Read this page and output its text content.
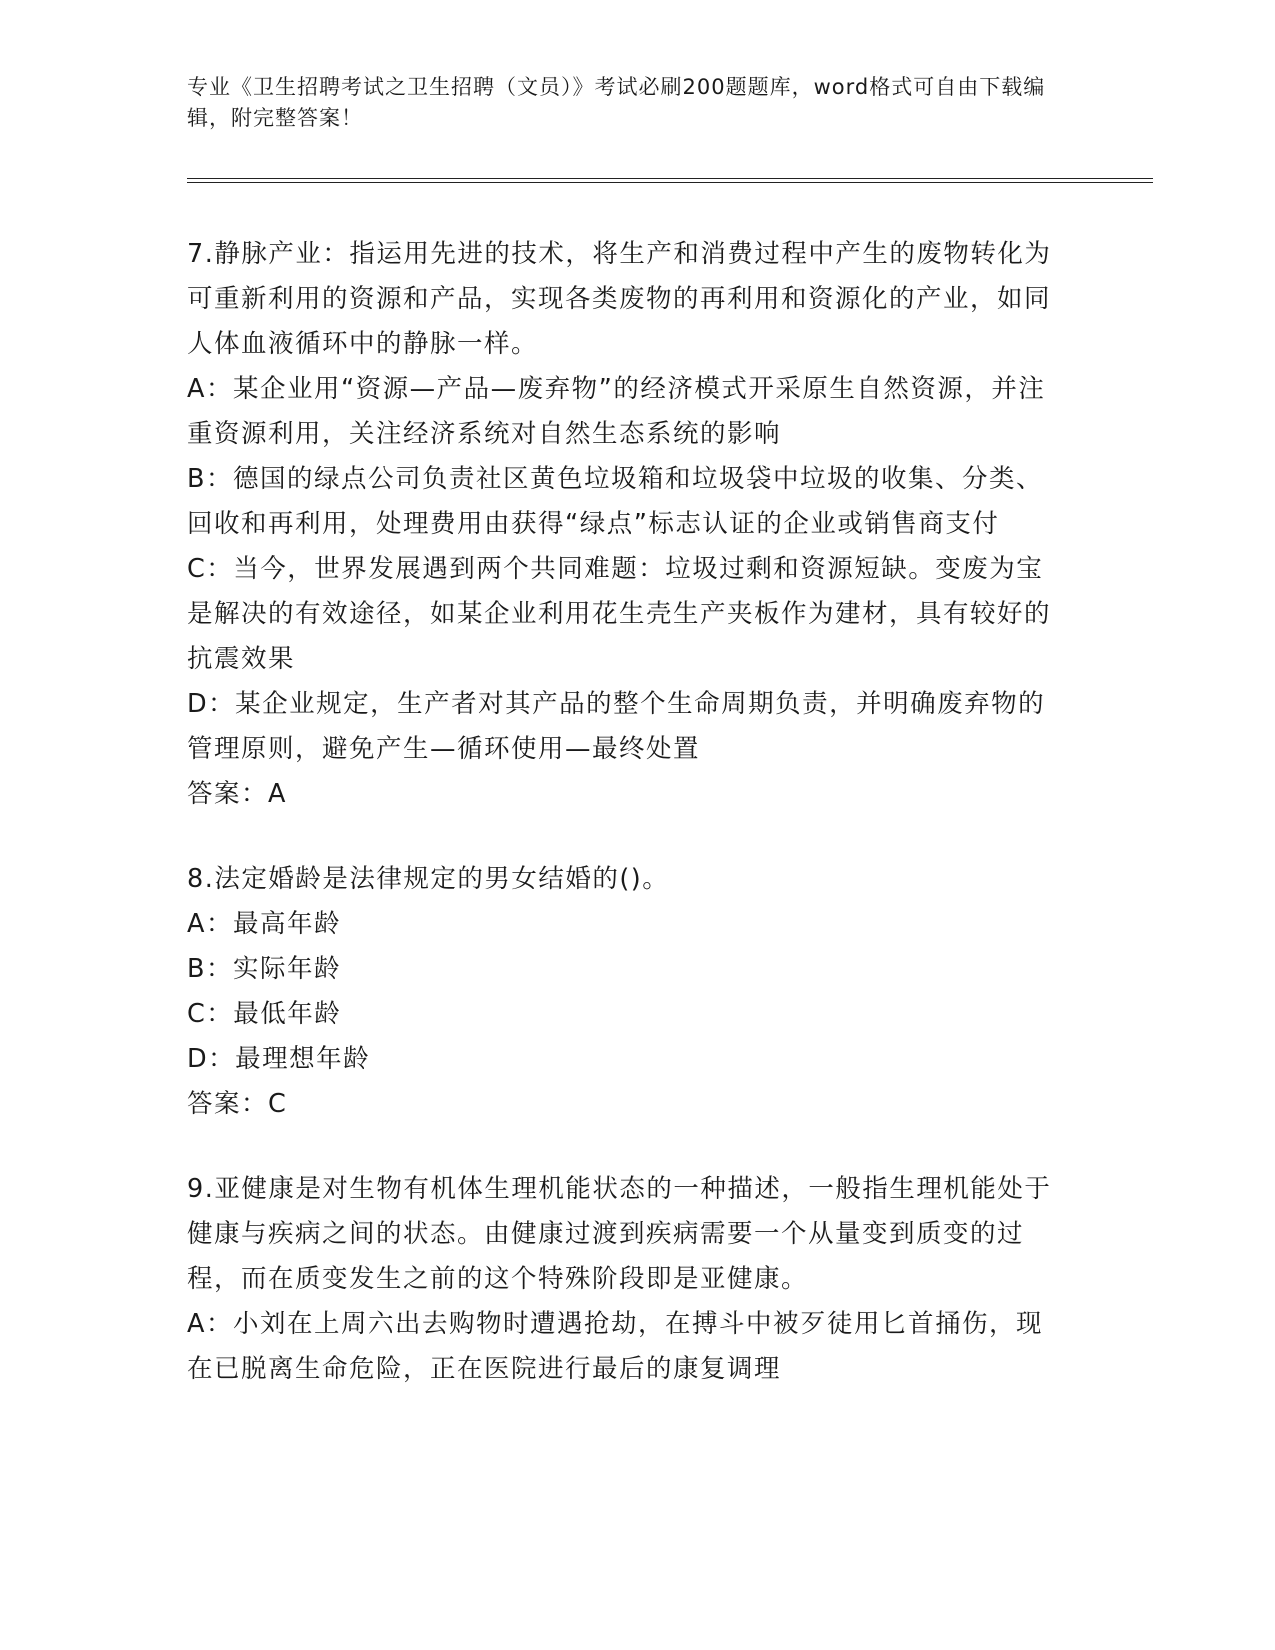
专业《卫生招聘考试之卫生招聘（文员）》考试必刷200题题库，word格式可自由下载编辑，附完整答案！

7.静脉产业：指运用先进的技术，将生产和消费过程中产生的废物转化为可重新利用的资源和产品，实现各类废物的再利用和资源化的产业，如同人体血液循环中的静脉一样。

A：某企业用“资源—产品—废弃物”的经济模式开采原生自然资源，并注重资源利用，关注经济系统对自然生态系统的影响

B：德国的绿点公司负责社区黄色垃圾箱和垃圾袋中垃圾的收集、分类、回收和再利用，处理费用由获得“绿点”标志认证的企业或销售商支付

C：当今，世界发展遇到两个共同难题：垃圾过剩和资源短缺。变废为宝是解决的有效途径，如某企业利用花生壳生产夹板作为建材，具有较好的抗震效果

D：某企业规定，生产者对其产品的整个生命周期负责，并明确废弃物的管理原则，避免产生—循环使用—最终处置

答案：A

8.法定婚龄是法律规定的男女结婚的()。

A：最高年龄

B：实际年龄

C：最低年龄

D：最理想年龄

答案：C

9.亚健康是对生物有机体生理机能状态的一种描述，一般指生理机能处于健康与疾病之间的状态。由健康过渡到疾病需要一个从量变到质变的过程，而在质变发生之前的这个特殊阶段即是亚健康。

A：小刘在上周六出去购物时遭遇抢劫，在搏斗中被歹徒用匕首捅伤，现在已脱离生命危险，正在医院进行最后的康复调理
